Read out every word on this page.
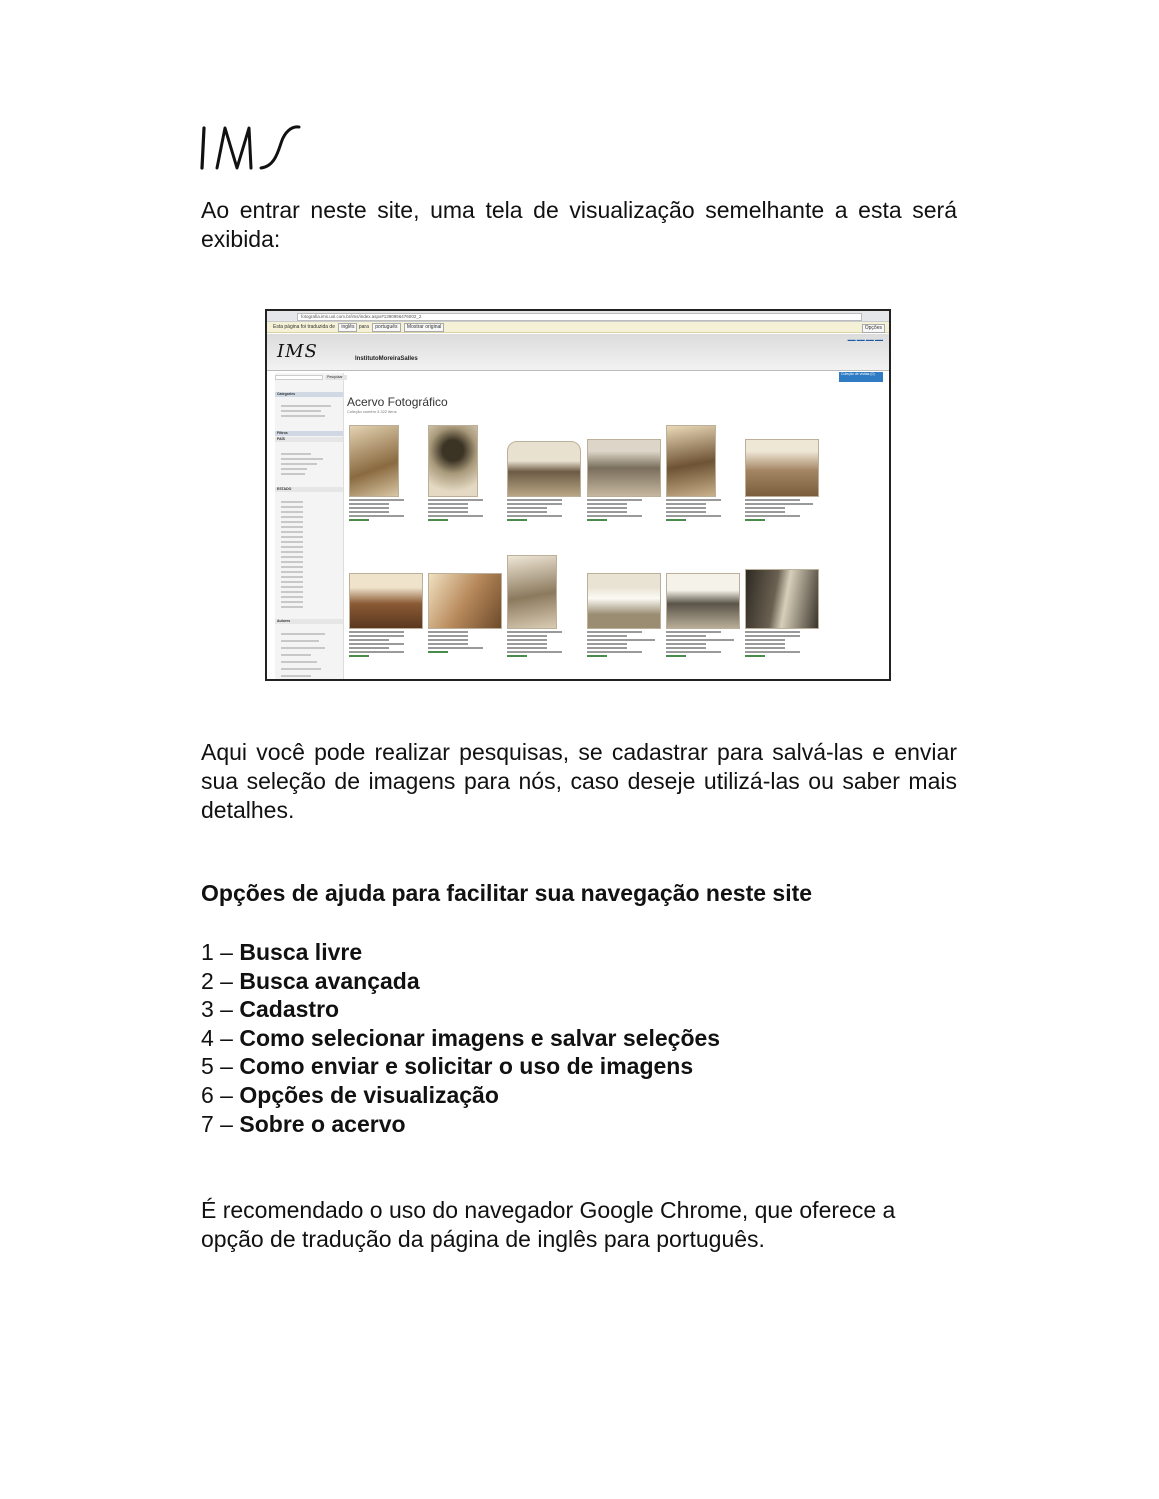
Ao entrar neste site, uma tela de visualização semelhante a esta será exibida:

fotografia.ims.uol.com.br/ims/index.aspx#1390956476002_2
Esta página foi traduzida de inglês para português Mostrar original	Opções
IMS	InstitutoMoreiraSalles
▬▬ ▬▬ ▬▬ ▬▬
Pesquisar
Categories
Filtros
PAÍS
ESTADO
Autores
Coleção de visitas (0)
Acervo Fotográfico
Coleção contém 3.322 itens

Aqui você pode realizar pesquisas, se cadastrar para salvá-las e enviar sua seleção de imagens para nós, caso deseje utilizá-las ou saber mais detalhes.

Opções de ajuda para facilitar sua navegação neste site

1 – Busca livre
2 – Busca avançada
3 – Cadastro
4 – Como selecionar imagens e salvar seleções
5 – Como enviar e solicitar o uso de imagens
6 – Opções de visualização
7 – Sobre o acervo

É recomendado o uso do navegador Google Chrome, que oferece a opção de tradução da página de inglês para português.
